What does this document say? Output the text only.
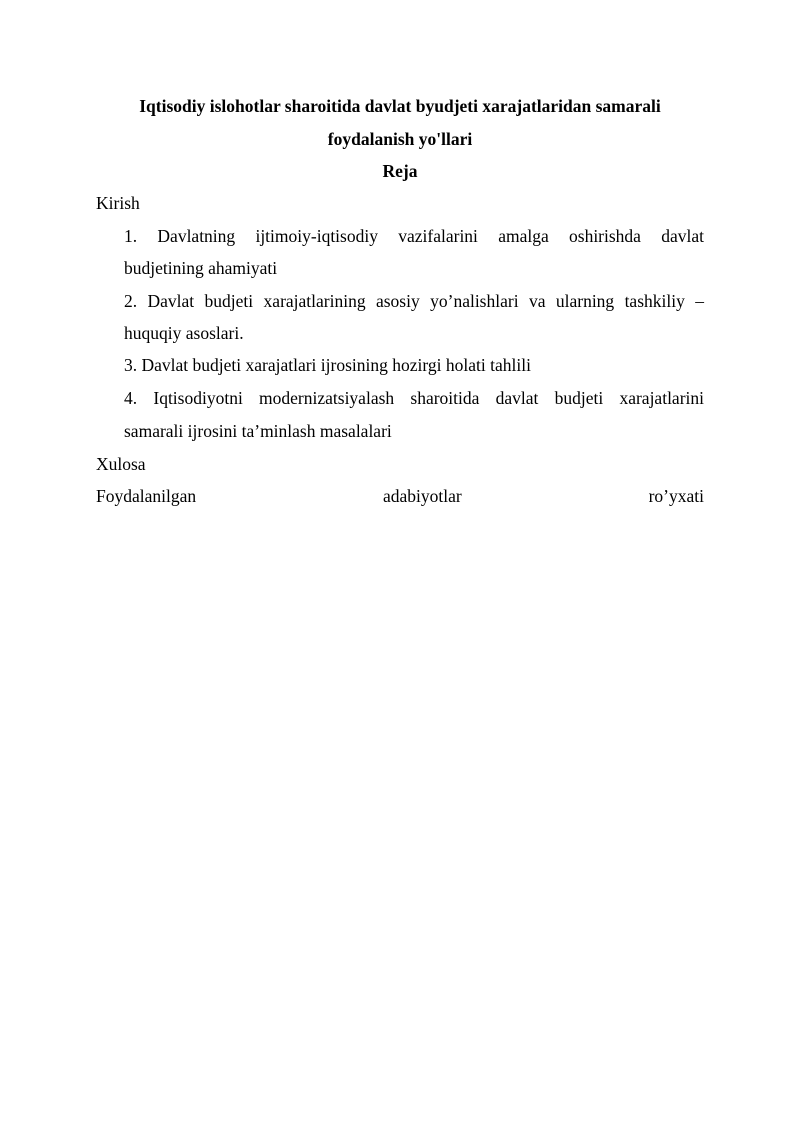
Iqtisodiy islohotlar sharoitida davlat byudjeti xarajatlaridan samarali
foydalanish yo'llari
Reja
Kirish
1. Davlatning ijtimoiy-iqtisodiy vazifalarini amalga oshirishda davlat
budjetining ahamiyati
2. Davlat budjeti xarajatlarining asosiy yo’nalishlari va ularning tashkiliy –
huquqiy asoslari.
3. Davlat budjeti xarajatlari ijrosining hozirgi holati tahlili
4. Iqtisodiyotni modernizatsiyalash sharoitida davlat budjeti xarajatlarini
samarali ijrosini ta’minlash masalalari
Xulosa
Foydalanilgan	adabiyotlar	ro’yxati
